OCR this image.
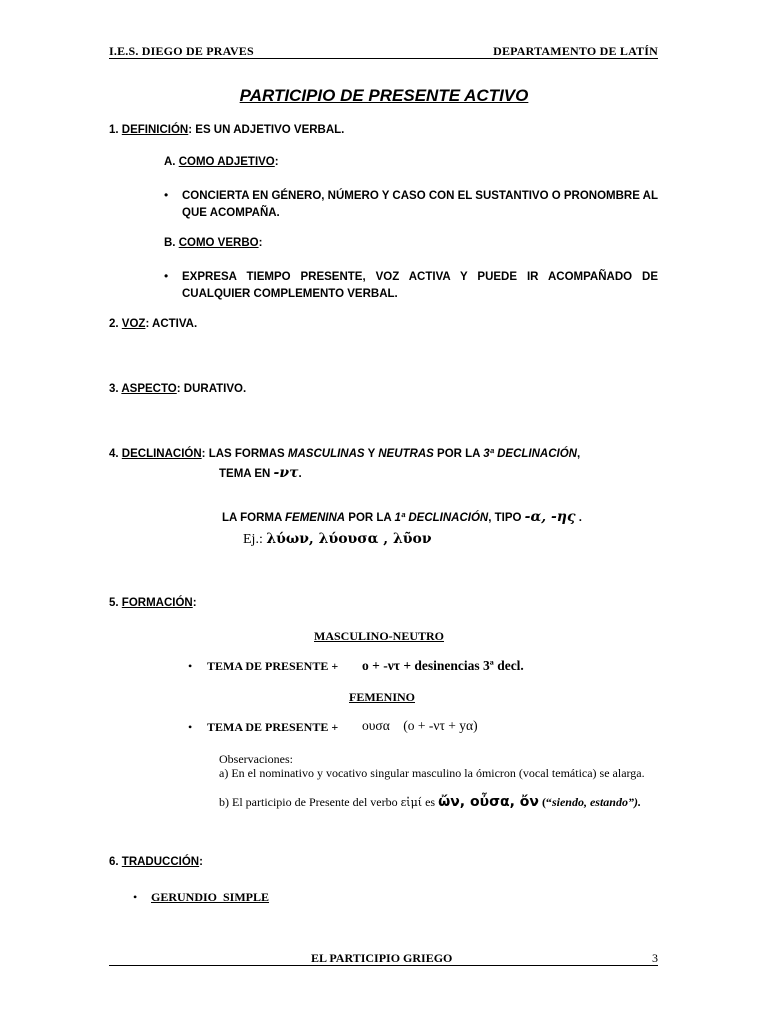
I.E.S. DIEGO DE PRAVES	DEPARTAMENTO DE LATÍN
PARTICIPIO DE PRESENTE ACTIVO
1. DEFINICIÓN: ES UN ADJETIVO VERBAL.
A. COMO ADJETIVO:
• CONCIERTA EN GÉNERO, NÚMERO Y CASO CON EL SUSTANTIVO O PRONOMBRE AL QUE ACOMPAÑA.
B. COMO VERBO:
• EXPRESA TIEMPO PRESENTE, VOZ ACTIVA Y PUEDE IR ACOMPAÑADO DE CUALQUIER COMPLEMENTO VERBAL.
2. VOZ: ACTIVA.
3. ASPECTO: DURATIVO.
4. DECLINACIÓN: LAS FORMAS MASCULINAS Y NEUTRAS POR LA 3ª DECLINACIÓN,
TEMA EN -ντ.
LA FORMA FEMENINA POR LA 1ª DECLINACIÓN, TIPO -α, -ης .
Ej.: λύων, λύουσα , λῦον
5. FORMACIÓN:
MASCULINO-NEUTRO
• TEMA DE PRESENTE + ο + -ντ + desinencias 3ª decl.
FEMENINO
• TEMA DE PRESENTE + ουσα    (ο + -ντ + yα)
Observaciones:
a) En el nominativo y vocativo singular masculino la ómicron (vocal temática) se alarga.
b) El participio de Presente del verbo εἰμί es ὤν, οὖσα, ὄν (“siendo, estando”).
6. TRADUCCIÓN:
• GERUNDIO  SIMPLE
EL PARTICIPIO GRIEGO	3
